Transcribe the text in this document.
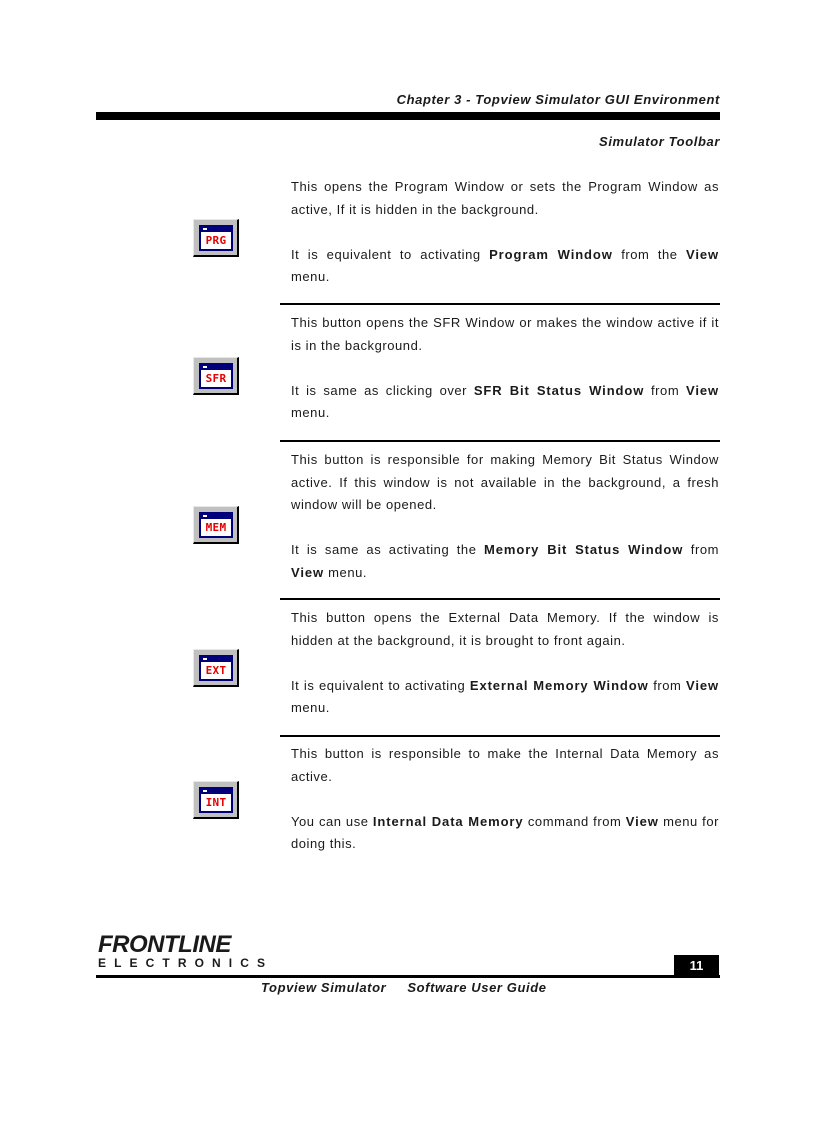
Chapter 3 - Topview Simulator GUI Environment
Simulator Toolbar
PRG

This opens the Program Window or sets the Program Window as active, If it is hidden in the background.

It is equivalent to activating Program Window from the View menu.

SFR

This button opens the SFR Window or makes the window active if it is in the background.

It is same as clicking over SFR Bit Status Window from View menu.

MEM

This button is responsible for making Memory Bit Status Window active. If this window is not available in the background, a fresh window will be opened.

It is same as activating the Memory Bit Status Window from View menu.

EXT

This button opens the External Data Memory. If the window is hidden at the background, it is brought to front again.

It is equivalent to activating External Memory Window from View menu.

INT

This button is responsible to make the Internal Data Memory as active.

You can use Internal Data Memory command from View menu for doing this.

FRONTLINE
ELECTRONICS	11
Topview Simulator     Software User Guide
